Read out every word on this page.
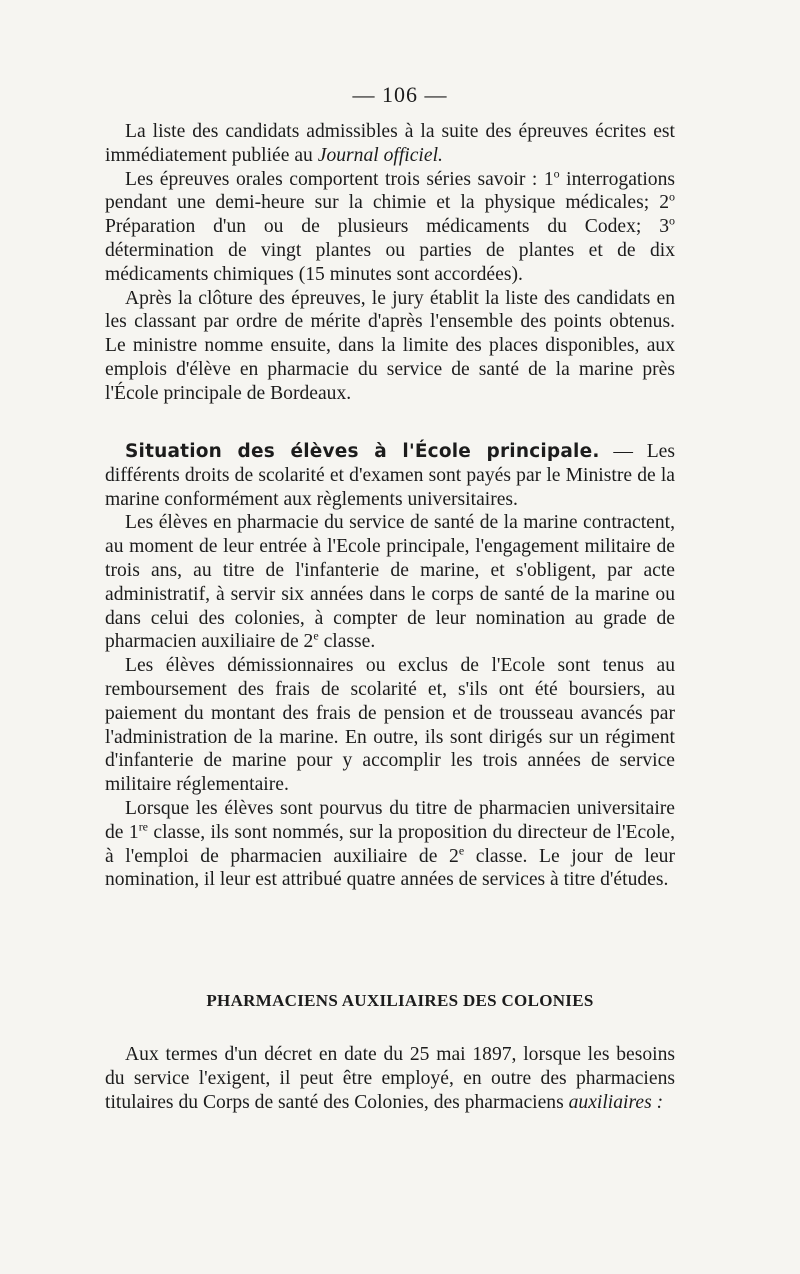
— 106 —

La liste des candidats admissibles à la suite des épreuves écrites est immédiatement publiée au Journal officiel.

Les épreuves orales comportent trois séries savoir : 1$^o$ interrogations pendant une demi-heure sur la chimie et la physique médicales; 2$^o$ Préparation d'un ou de plusieurs médicaments du Codex; 3$^o$ détermination de vingt plantes ou parties de plantes et de dix médicaments chimiques (15 minutes sont accordées).

Après la clôture des épreuves, le jury établit la liste des candidats en les classant par ordre de mérite d'après l'ensemble des points obtenus. Le ministre nomme ensuite, dans la limite des places disponibles, aux emplois d'élève en pharmacie du service de santé de la marine près l'École principale de Bordeaux.

Situation des élèves à l'École principale. — Les différents droits de scolarité et d'examen sont payés par le Ministre de la marine conformément aux règlements universitaires.

Les élèves en pharmacie du service de santé de la marine contractent, au moment de leur entrée à l'Ecole principale, l'engagement militaire de trois ans, au titre de l'infanterie de marine, et s'obligent, par acte administratif, à servir six années dans le corps de santé de la marine ou dans celui des colonies, à compter de leur nomination au grade de pharmacien auxiliaire de 2e classe.

Les élèves démissionnaires ou exclus de l'Ecole sont tenus au remboursement des frais de scolarité et, s'ils ont été boursiers, au paiement du montant des frais de pension et de trousseau avancés par l'administration de la marine. En outre, ils sont dirigés sur un régiment d'infanterie de marine pour y accomplir les trois années de service militaire réglementaire.

Lorsque les élèves sont pourvus du titre de pharmacien universitaire de 1re classe, ils sont nommés, sur la proposition du directeur de l'Ecole, à l'emploi de pharmacien auxiliaire de 2e classe. Le jour de leur nomination, il leur est attribué quatre années de services à titre d'études.

PHARMACIENS AUXILIAIRES DES COLONIES

Aux termes d'un décret en date du 25 mai 1897, lorsque les besoins du service l'exigent, il peut être employé, en outre des pharmaciens titulaires du Corps de santé des Colonies, des pharmaciens auxiliaires :
